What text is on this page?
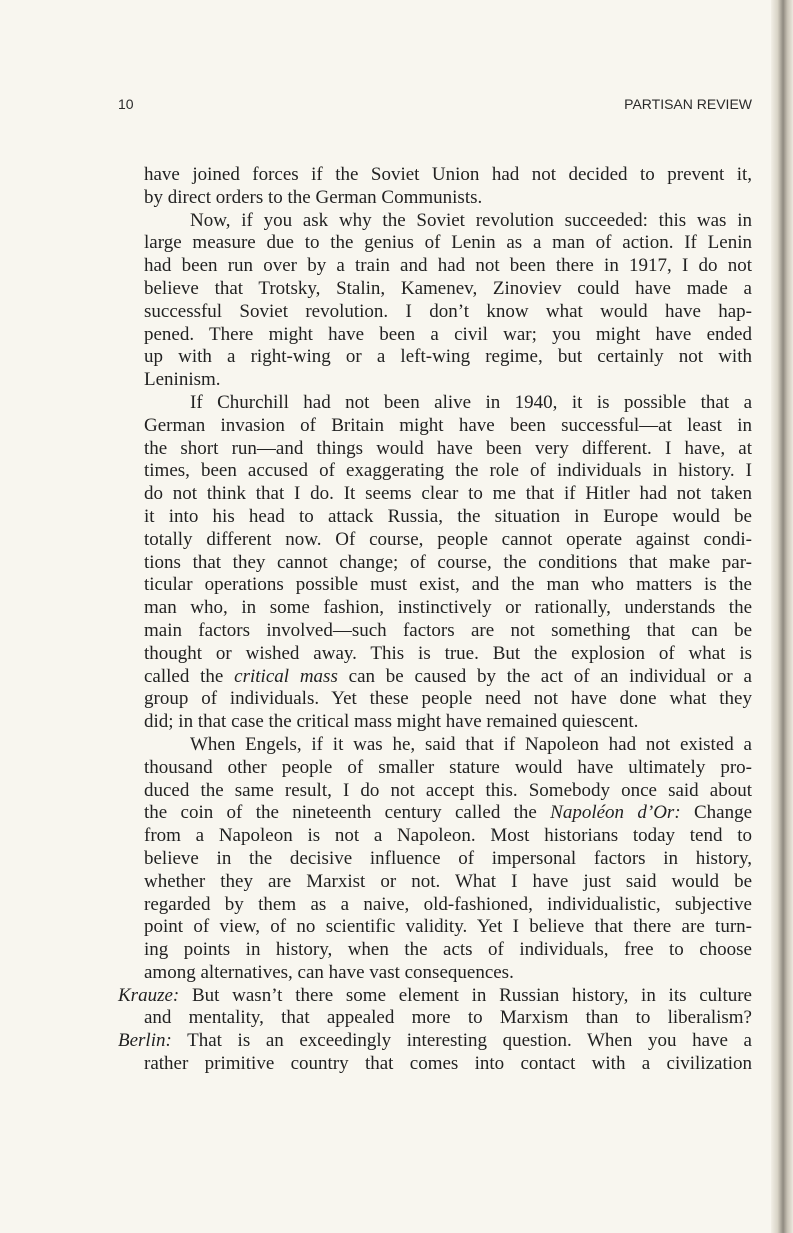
10	PARTISAN REVIEW
have joined forces if the Soviet Union had not decided to prevent it,
by direct orders to the German Communists.
Now, if you ask why the Soviet revolution succeeded: this was in
large measure due to the genius of Lenin as a man of action. If Lenin
had been run over by a train and had not been there in 1917, I do not
believe that Trotsky, Stalin, Kamenev, Zinoviev could have made a
successful Soviet revolution. I don’t know what would have hap-
pened. There might have been a civil war; you might have ended
up with a right-wing or a left-wing regime, but certainly not with
Leninism.
If Churchill had not been alive in 1940, it is possible that a
German invasion of Britain might have been successful—at least in
the short run—and things would have been very different. I have, at
times, been accused of exaggerating the role of individuals in history. I
do not think that I do. It seems clear to me that if Hitler had not taken
it into his head to attack Russia, the situation in Europe would be
totally different now. Of course, people cannot operate against condi-
tions that they cannot change; of course, the conditions that make par-
ticular operations possible must exist, and the man who matters is the
man who, in some fashion, instinctively or rationally, understands the
main factors involved—such factors are not something that can be
thought or wished away. This is true. But the explosion of what is
called the critical mass can be caused by the act of an individual or a
group of individuals. Yet these people need not have done what they
did; in that case the critical mass might have remained quiescent.
When Engels, if it was he, said that if Napoleon had not existed a
thousand other people of smaller stature would have ultimately pro-
duced the same result, I do not accept this. Somebody once said about
the coin of the nineteenth century called the Napoléon d’Or: Change
from a Napoleon is not a Napoleon. Most historians today tend to
believe in the decisive influence of impersonal factors in history,
whether they are Marxist or not. What I have just said would be
regarded by them as a naive, old-fashioned, individualistic, subjective
point of view, of no scientific validity. Yet I believe that there are turn-
ing points in history, when the acts of individuals, free to choose
among alternatives, can have vast consequences.
Krauze: But wasn’t there some element in Russian history, in its culture
and mentality, that appealed more to Marxism than to liberalism?
Berlin: That is an exceedingly interesting question. When you have a
rather primitive country that comes into contact with a civilization
